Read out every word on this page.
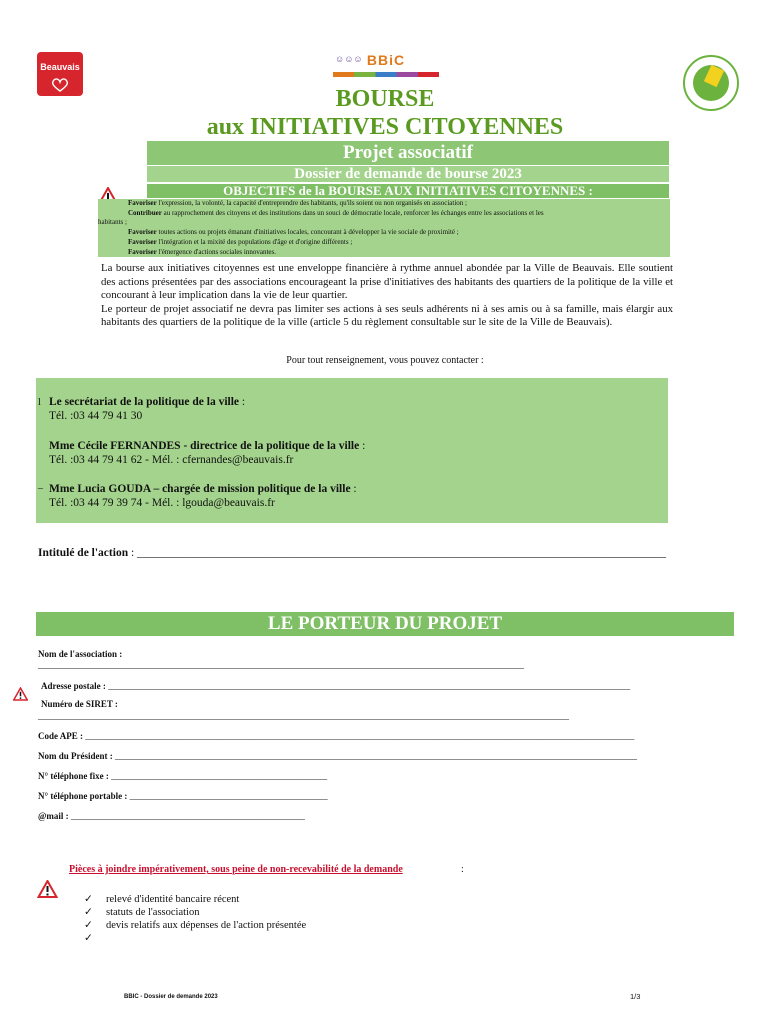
Beauvais
☺☺☺ BBiC
BOURSE
aux INITIATIVES CITOYENNES
Projet associatif
Dossier de demande de bourse 2023
OBJECTIFS de la BOURSE AUX INITIATIVES CITOYENNES :

Favoriser l'expression, la volonté, la capacité d'entreprendre des habitants, qu'ils soient ou non organisés en association ;

Contribuer au rapprochement des citoyens et des institutions dans un souci de démocratie locale, renforcer les échanges entre les associations et les

habitants ;

Favoriser toutes actions ou projets émanant d'initiatives locales, concourant à développer la vie sociale de proximité ;

Favoriser l'intégration et la mixité des populations d'âge et d'origine différents ;

Favoriser l'émergence d'actions sociales innovantes.

La bourse aux initiatives citoyennes est une enveloppe financière à rythme annuel abondée par la Ville de Beauvais. Elle soutient des actions présentées par des associations encourageant la prise d'initiatives des habitants des quartiers de la politique de la ville et concourant à leur implication dans la vie de leur quartier.

Le porteur de projet associatif ne devra pas limiter ses actions à ses seuls adhérents ni à ses amis ou à sa famille, mais élargir aux habitants des quartiers de la politique de la ville (article 5 du règlement consultable sur le site de la Ville de Beauvais).

Pour tout renseignement, vous pouvez contacter :
l Le secrétariat de la politique de la ville :
Tél. :03 44 79 41 30
Mme Cécile FERNANDES - directrice de la politique de la ville :
Tél. :03 44 79 41 62 - Mél. : cfernandes@beauvais.fr
_ Mme Lucia GOUDA – chargée de mission politique de la ville :
Tél. :03 44 79 39 74 - Mél. : lgouda@beauvais.fr
Intitulé de l'action : ____________________________________________________________________________________________
LE PORTEUR DU PROJET
Nom de l'association :
____________________________________________________________________________________________________________
Adresse postale : ____________________________________________________________________________________________________________________
Numéro de SIRET :
______________________________________________________________________________________________________________________
Code APE : __________________________________________________________________________________________________________________________
Nom du Président : ____________________________________________________________________________________________________________________
N° téléphone fixe : ________________________________________________
N° téléphone portable : ____________________________________________
@mail : ____________________________________________________
Pièces à joindre impérativement, sous peine de non-recevabilité de la demande	:
✓ relevé d'identité bancaire récent
✓ statuts de l'association
✓ devis relatifs aux dépenses de l'action présentée
✓
BBIC - Dossier de demande 2023	1/3
